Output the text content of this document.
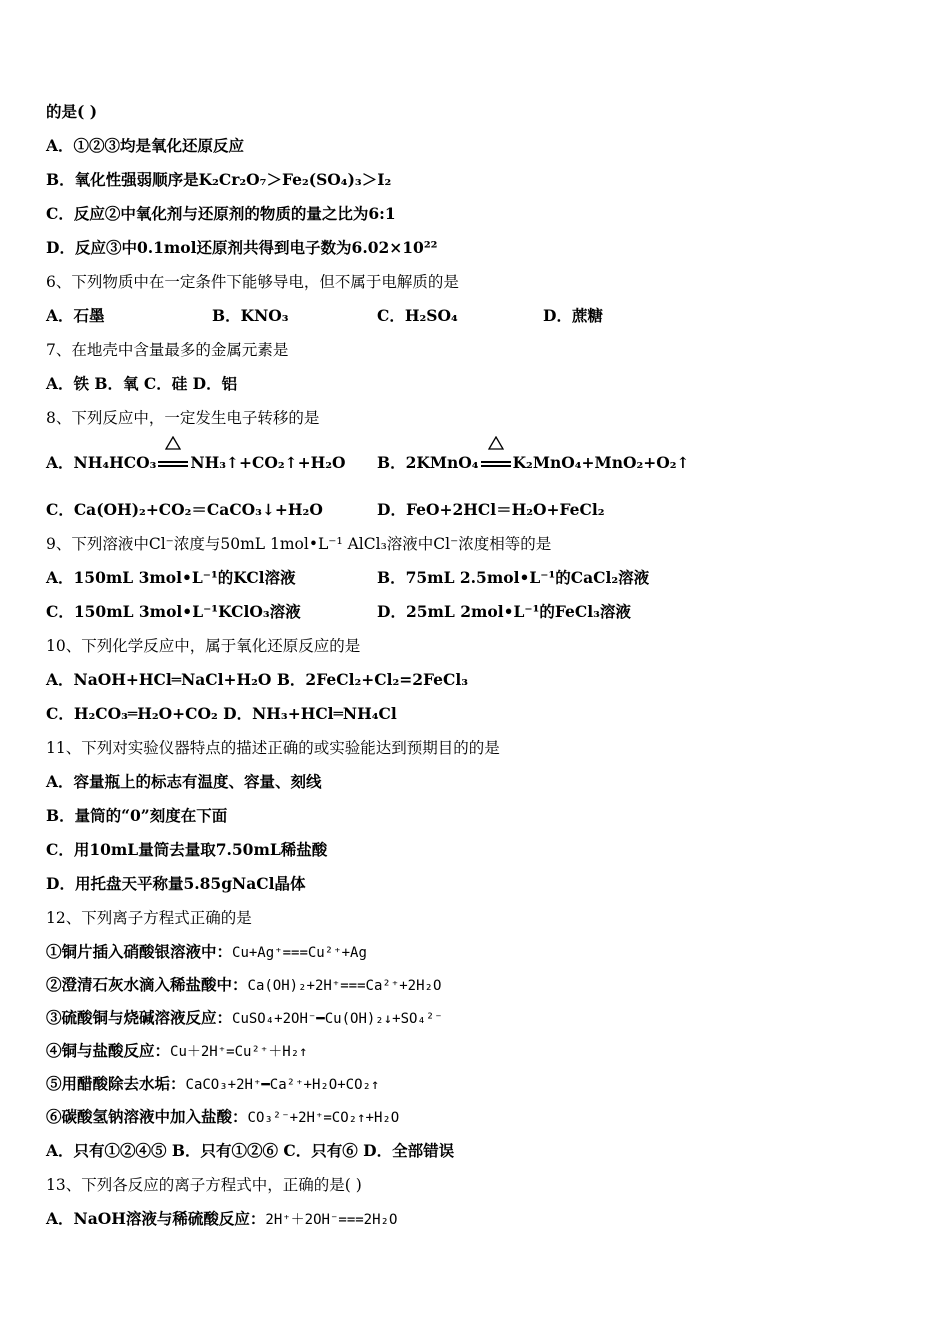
的是( )
A．①②③均是氧化还原反应
B．氧化性强弱顺序是K₂Cr₂O₇＞Fe₂(SO₄)₃＞I₂
C．反应②中氧化剂与还原剂的物质的量之比为6:1
D．反应③中0.1mol还原剂共得到电子数为6.02×10²²
6、下列物质中在一定条件下能够导电，但不属于电解质的是
A．石墨	B．KNO₃	C．H₂SO₄	D．蔗糖
7、在地壳中含量最多的金属元素是
A．铁 B．氧 C．硅 D．铝
8、下列反应中，一定发生电子转移的是
A．NH₄HCO₃ NH₃↑+CO₂↑+H₂O B．2KMnO₄ K₂MnO₄+MnO₂+O₂↑
C．Ca(OH)₂+CO₂＝CaCO₃↓+H₂O	D．FeO+2HCl＝H₂O+FeCl₂
9、下列溶液中Cl⁻浓度与50mL 1mol•L⁻¹ AlCl₃溶液中Cl⁻浓度相等的是
A．150mL 3mol•L⁻¹的KCl溶液	B．75mL 2.5mol•L⁻¹的CaCl₂溶液
C．150mL 3mol•L⁻¹KClO₃溶液	D．25mL 2mol•L⁻¹的FeCl₃溶液
10、下列化学反应中，属于氧化还原反应的是
A．NaOH+HCl═NaCl+H₂O B．2FeCl₂+Cl₂=2FeCl₃
C．H₂CO₃═H₂O+CO₂ D．NH₃+HCl═NH₄Cl
11、下列对实验仪器特点的描述正确的或实验能达到预期目的的是
A．容量瓶上的标志有温度、容量、刻线
B．量筒的“0”刻度在下面
C．用10mL量筒去量取7.50mL稀盐酸
D．用托盘天平称量5.85gNaCl晶体
12、下列离子方程式正确的是
①铜片插入硝酸银溶液中：Cu+Ag⁺===Cu²⁺+Ag
②澄清石灰水滴入稀盐酸中：Ca(OH)₂+2H⁺===Ca²⁺+2H₂O
③硫酸铜与烧碱溶液反应：CuSO₄+2OH⁻━Cu(OH)₂↓+SO₄²⁻
④铜与盐酸反应：Cu＋2H⁺=Cu²⁺＋H₂↑
⑤用醋酸除去水垢：CaCO₃+2H⁺━Ca²⁺+H₂O+CO₂↑
⑥碳酸氢钠溶液中加入盐酸：CO₃²⁻+2H⁺=CO₂↑+H₂O
A．只有①②④⑤ B．只有①②⑥ C．只有⑥ D．全部错误
13、下列各反应的离子方程式中，正确的是( )
A．NaOH溶液与稀硫酸反应：2H⁺＋2OH⁻===2H₂O
